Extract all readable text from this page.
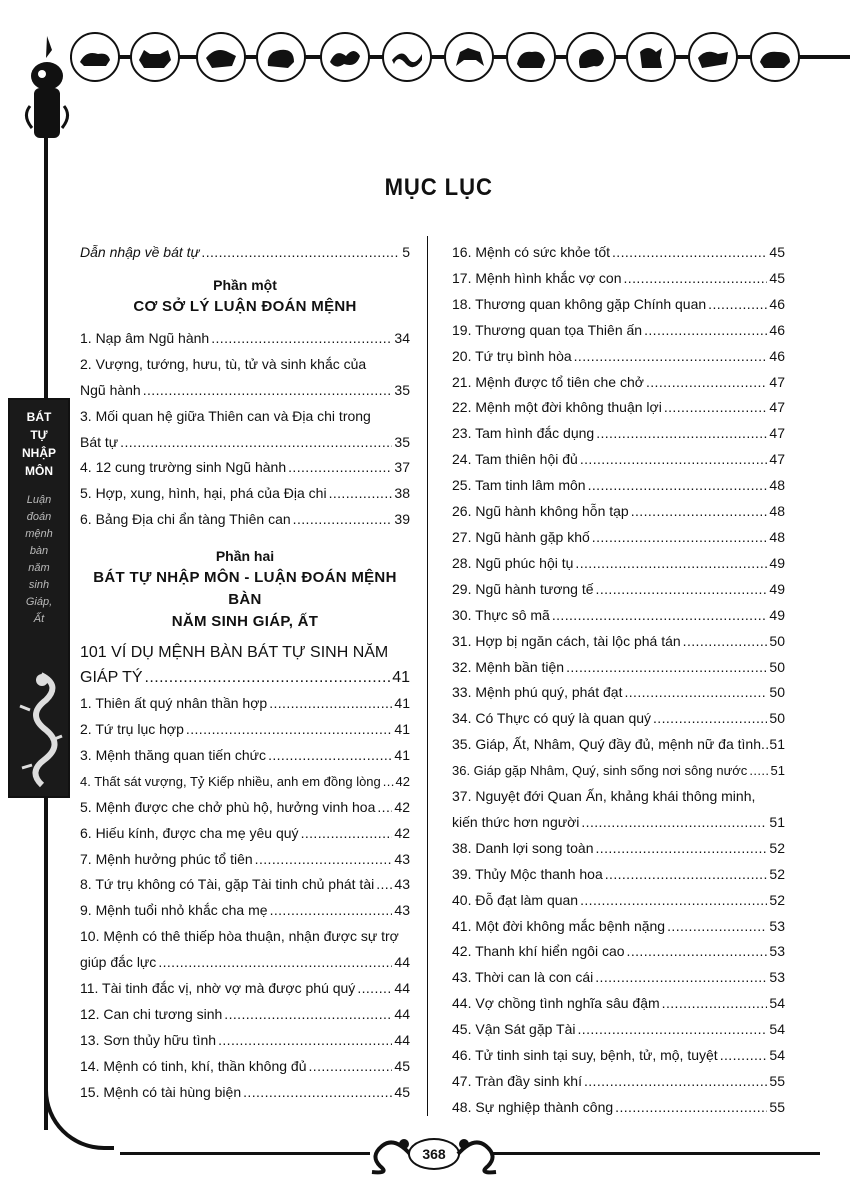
BÁT
TỰ
NHẬP
MÔN
Luận
đoán
mệnh
bàn
năm
sinh
Giáp,
Ất
MỤC LỤC
Dẫn nhập về bát tự .....	5
Phần một
CƠ SỞ LÝ LUẬN ĐOÁN MỆNH
1. Nạp âm Ngũ hành .....	34
2. Vượng, tướng, hưu, tù, tử và sinh khắc của
Ngũ hành .....	35
3. Mối quan hệ giữa Thiên can và Địa chi trong
Bát tự .....	35
4. 12 cung trường sinh Ngũ hành .....	37
5. Hợp, xung, hình, hại, phá của Địa chi .....	38
6. Bảng Địa chi ẩn tàng Thiên can .....	39
Phần hai
BÁT TỰ NHẬP MÔN - LUẬN ĐOÁN MỆNH BÀN
NĂM SINH GIÁP, ẤT
101 VÍ DỤ MỆNH BÀN BÁT TỰ SINH NĂM
GIÁP TÝ .....	41
1. Thiên ất quý nhân thần hợp .....	41
2. Tứ trụ lục hợp .....	41
3. Mệnh thăng quan tiến chức .....	41
4. Thất sát vượng, Tỷ Kiếp nhiều, anh em đồng lòng ..... 42
5. Mệnh được che chở phù hộ, hưởng vinh hoa ..... 42
6. Hiếu kính, được cha mẹ yêu quý .....	42
7. Mệnh hưởng phúc tổ tiên .....	43
8. Tứ trụ không có Tài, gặp Tài tinh chủ phát tài ..... 43
9. Mệnh tuổi nhỏ khắc cha mẹ .....	43
10. Mệnh có thê thiếp hòa thuận, nhận được sự trợ
giúp đắc lực .....	44
11. Tài tinh đắc vị, nhờ vợ mà được phú quý .....	44
12. Can chi tương sinh .....	44
13. Sơn thủy hữu tình .....	44
14. Mệnh có tinh, khí, thần không đủ .....	45
15. Mệnh có tài hùng biện .....	45
16. Mệnh có sức khỏe tốt .....	45
17. Mệnh hình khắc vợ con .....	45
18. Thương quan không gặp Chính quan .....	46
19. Thương quan tọa Thiên ấn .....	46
20. Tứ trụ bình hòa .....	46
21. Mệnh được tổ tiên che chở .....	47
22. Mệnh một đời không thuận lợi .....	47
23. Tam hình đắc dụng .....	47
24. Tam thiên hội đủ .....	47
25. Tam tinh lâm môn .....	48
26. Ngũ hành không hỗn tạp .....	48
27. Ngũ hành gặp khố .....	48
28. Ngũ phúc hội tụ .....	49
29. Ngũ hành tương tế .....	49
30. Thực sô mã .....	49
31. Hợp bị ngăn cách, tài lộc phá tán .....	50
32. Mệnh bần tiện .....	50
33. Mệnh phú quý, phát đạt .....	50
34. Có Thực có quý là quan quý .....	50
35. Giáp, Ất, Nhâm, Quý đầy đủ, mệnh nữ đa tình ..... 51
36. Giáp gặp Nhâm, Quý, sinh sống nơi sông nước ..... 51
37. Nguyệt đới Quan Ấn, khảng khái thông minh,
kiến thức hơn người .....	51
38. Danh lợi song toàn .....	52
39. Thủy Mộc thanh hoa .....	52
40. Đỗ đạt làm quan .....	52
41. Một đời không mắc bệnh nặng .....	53
42. Thanh khí hiển ngôi cao .....	53
43. Thời can là con cái .....	53
44. Vợ chồng tình nghĩa sâu đậm .....	54
45. Vận Sát gặp Tài .....	54
46. Tử tinh sinh tại suy, bệnh, tử, mộ, tuyệt .....	54
47. Tràn đầy sinh khí .....	55
48. Sự nghiệp thành công .....	55
368
